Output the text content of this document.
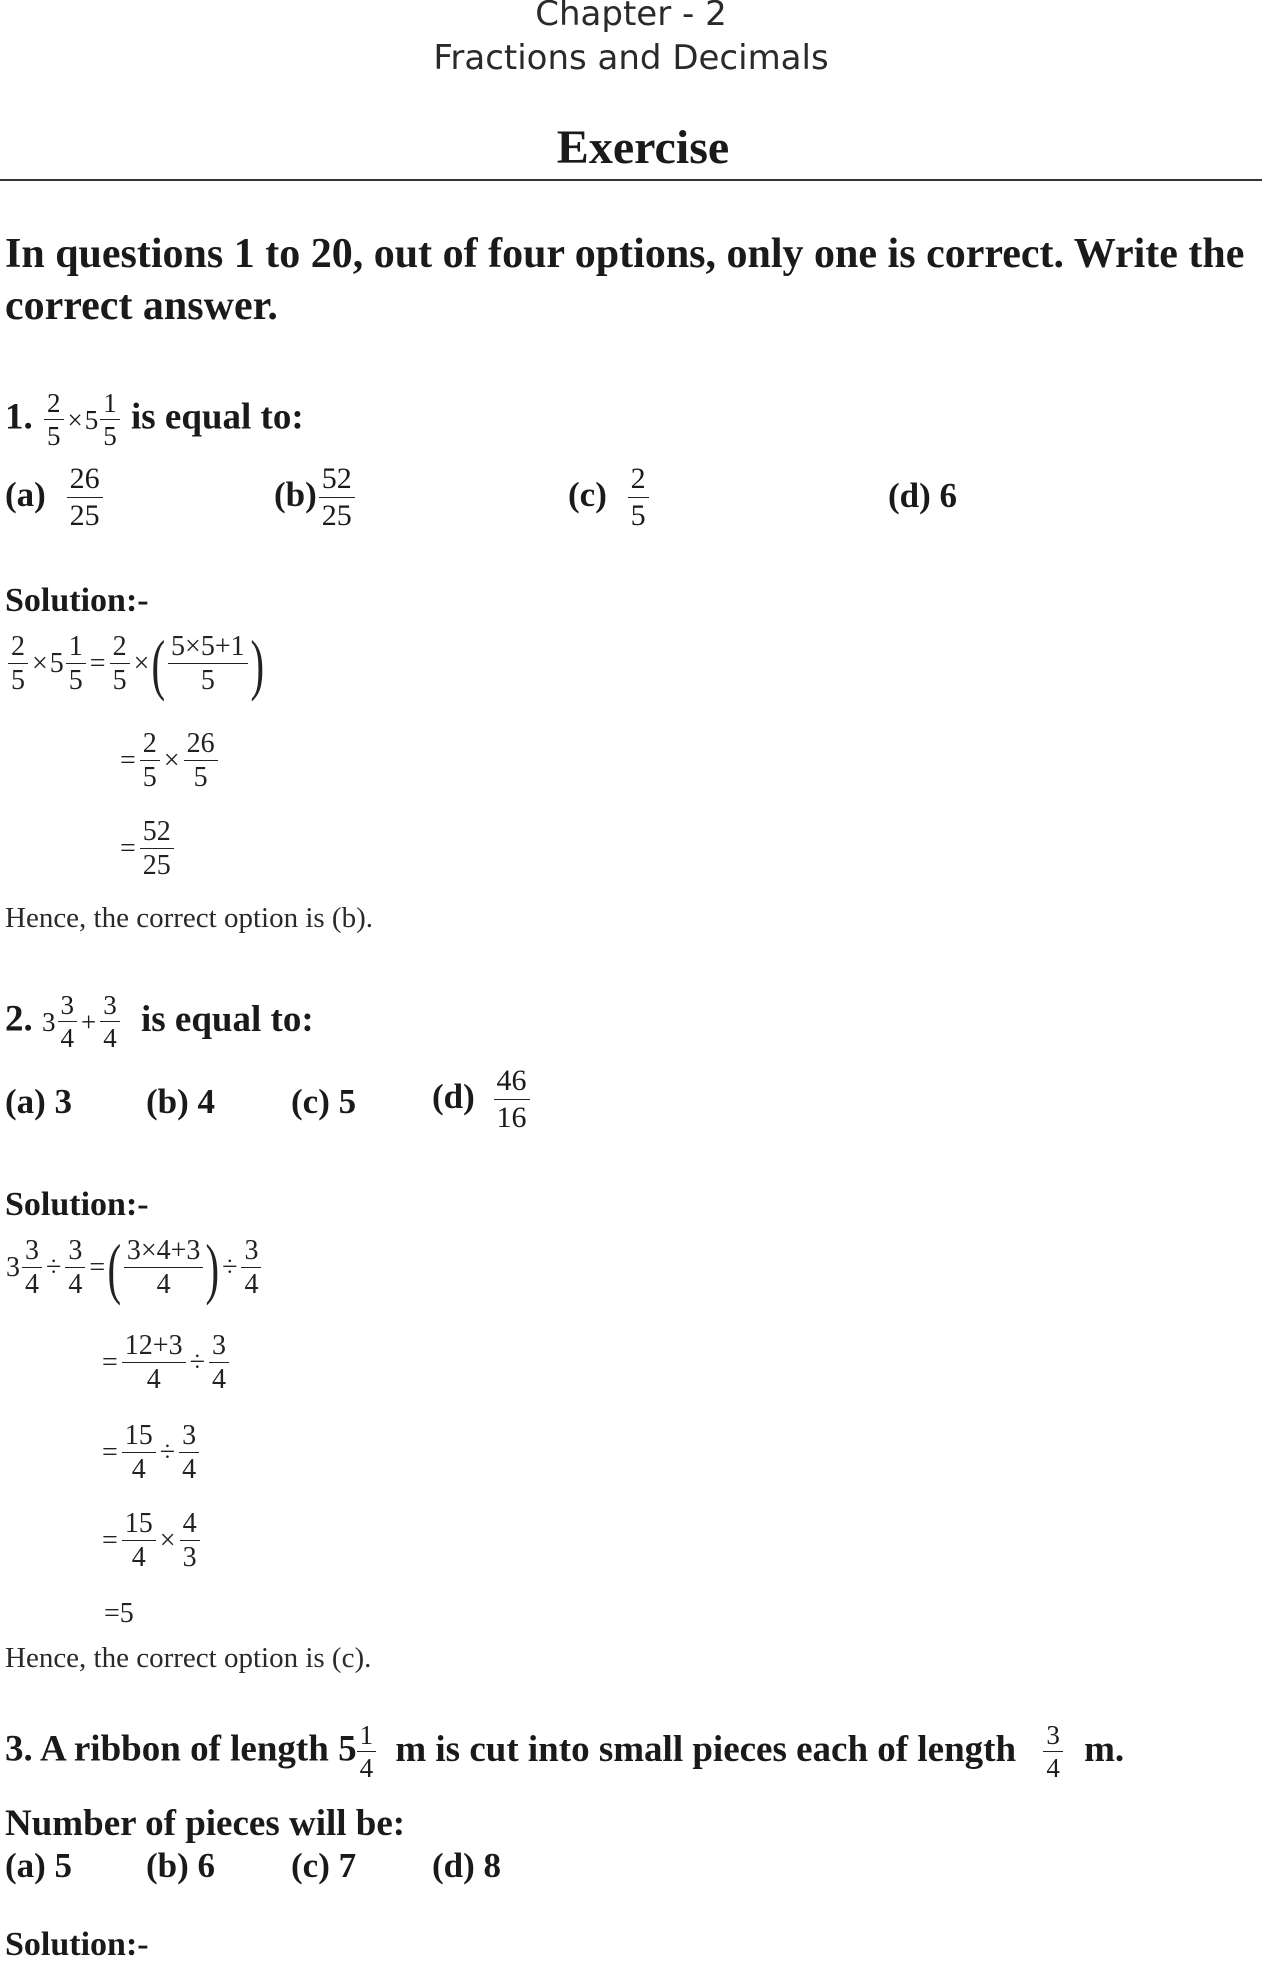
Chapter - 2
Fractions and Decimals
Exercise
In questions 1 to 20, out of four options, only one is correct. Write the correct answer.
1. $\frac{2}{5} \times 5 \frac{1}{5}$ is equal to:
$(a) \frac{26}{25}$	$(b) \frac{52}{25}$	$(c) \frac{2}{5}$	(d) 6
Solution:-
$\frac{2}{5} \times 5 \frac{1}{5} = \frac{2}{5}$ ×( $\frac{5\times 5+1}{5}$ )
= $\frac{2}{5} \times \frac{26}{5}$
= $\frac{52}{25}$
Hence, the correct option is (b).
2. $3 \frac{3}{4} + \frac{3}{4}$ is equal to:
(a) 3 (b) 4 (c) 5 $(d) \frac{46}{16}$
Solution:-
$3 \frac{3}{4} \div \frac{3}{4}$ =( $\frac{3\times 4+3}{4}$ )÷ $\frac{3}{4}$
= $\frac{12+3}{4} \div \frac{3}{4}$
= $\frac{15}{4} \div \frac{3}{4}$
= $\frac{15}{4} \times \frac{4}{3}$
=5
Hence, the correct option is (c).
3. A ribbon of length $5 \frac{1}{4}$ m is cut into small pieces each of length $\frac{3}{4} m$.
Number of pieces will be:
(a) 5 (b) 6 (c) 7 (d) 8
Solution:-
